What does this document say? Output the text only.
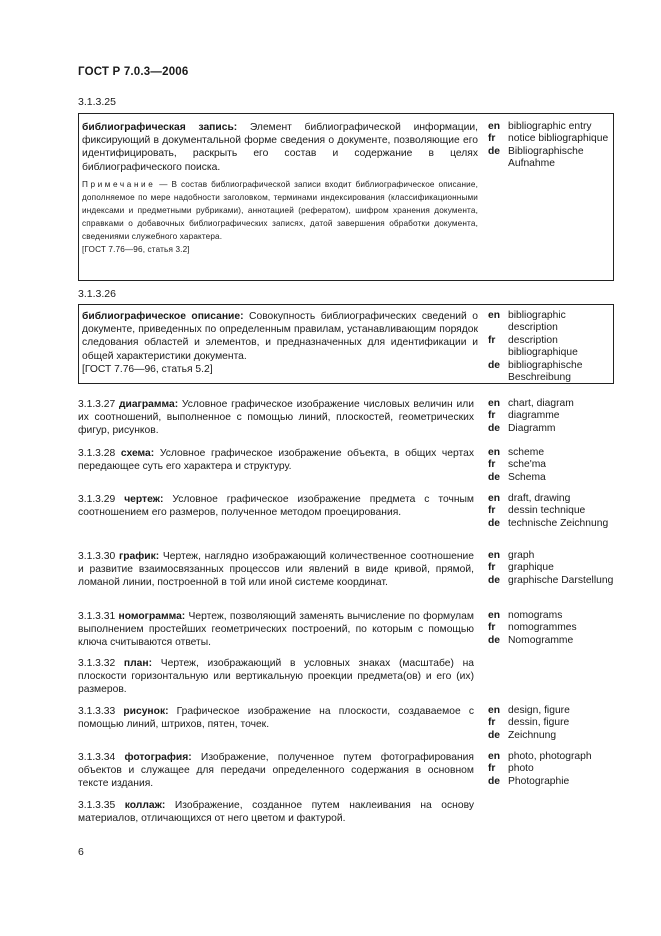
ГОСТ Р 7.0.3—2006
3.1.3.25

библиографическая запись: Элемент библиографической информации, фиксирующий в документальной форме сведения о документе, позволяющие его идентифицировать, раскрыть его состав и содержание в целях библиографического поиска.

Примечание — В состав библиографической записи входит библиографическое описание, дополняемое по мере надобности заголовком, терминами индексирования (классификационными индексами и предметными рубриками), аннотацией (рефератом), шифром хранения документа, справками о добавочных библиографических записях, датой завершения обработки документа, сведениями служебного характера.

[ГОСТ 7.76—96, статья 3.2]

en bibliographic entry
fr	notice bibliographique
de Bibliographische Aufnahme
3.1.3.26

библиографическое описание: Совокупность библиографических сведений о документе, приведенных по определенным правилам, устанавливающим порядок следования областей и элементов, и предназначенных для идентификации и общей характеристики документа.

[ГОСТ 7.76—96, статья 5.2]

en bibliographic description
fr	description bibliographique
de bibliographische Beschreibung

3.1.3.27 диаграмма: Условное графическое изображение числовых величин или их соотношений, выполненное с помощью линий, плоскостей, геометрических фигур, рисунков.

en chart, diagram
fr	diagramme
de Diagramm

3.1.3.28 схема: Условное графическое изображение объекта, в общих чертах передающее суть его характера и структуру.

en scheme
fr	sche'ma
de Schema

3.1.3.29 чертеж: Условное графическое изображение предмета с точным соотношением его размеров, полученное методом проецирования.

en draft, drawing
fr	dessin technique
de technische Zeichnung

3.1.3.30 график: Чертеж, наглядно изображающий количественное соотношение и развитие взаимосвязанных процессов или явлений в виде кривой, прямой, ломаной линии, построенной в той или иной системе координат.

en graph
fr	graphique
de graphische Darstellung

3.1.3.31 номограмма: Чертеж, позволяющий заменять вычисление по формулам выполнением простейших геометрических построений, по которым с помощью ключа считываются ответы.

en nomograms
fr	nomogrammes
de Nomogramme

3.1.3.32 план: Чертеж, изображающий в условных знаках (масштабе) на плоскости горизонтальную или вертикальную проекции предмета(ов) и его (их) размеров.

3.1.3.33 рисунок: Графическое изображение на плоскости, создаваемое с помощью линий, штрихов, пятен, точек.

en design, figure
fr	dessin, figure
de Zeichnung

3.1.3.34 фотография: Изображение, полученное путем фотографирования объектов и служащее для передачи определенного содержания в основном тексте издания.

en photo, photograph
fr	photo
de Photographie

3.1.3.35 коллаж: Изображение, созданное путем наклеивания на основу материалов, отличающихся от него цветом и фактурой.

6
